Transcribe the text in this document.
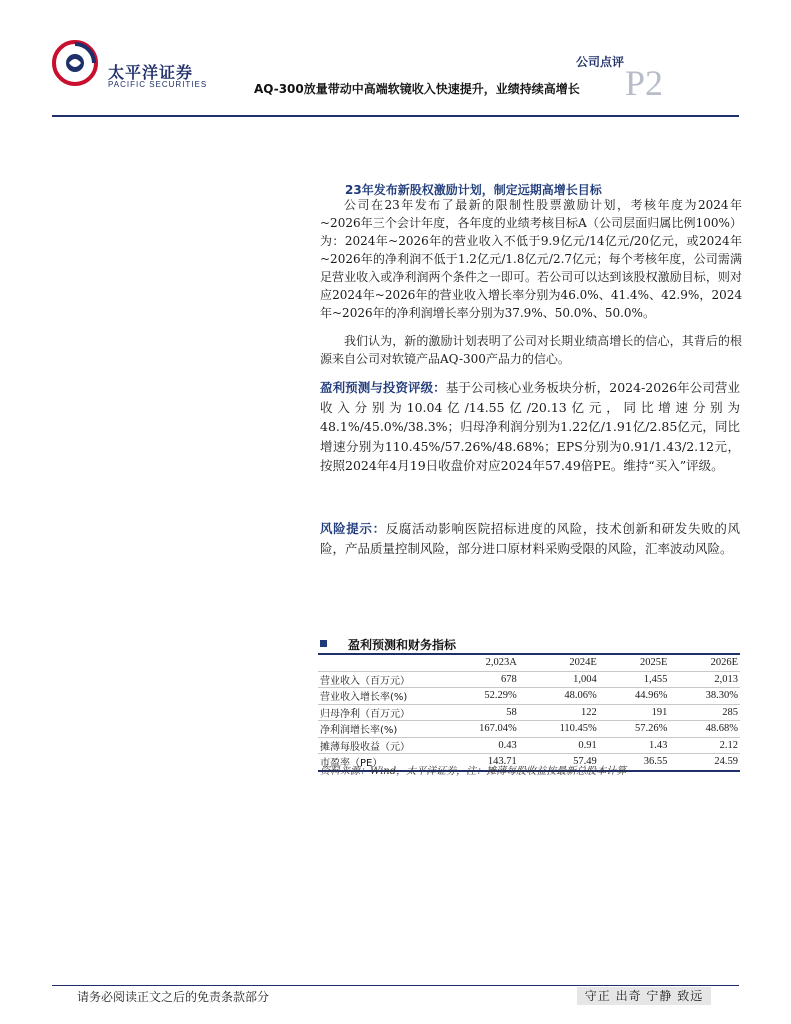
太平洋证券
PACIFIC SECURITIES
公司点评
P2
AQ-300放量带动中高端软镜收入快速提升，业绩持续高增长
23年发布新股权激励计划，制定远期高增长目标
公司在23年发布了最新的限制性股票激励计划，考核年度为2024年~2026年三个会计年度，各年度的业绩考核目标A（公司层面归属比例100%）为：2024年~2026年的营业收入不低于9.9亿元/14亿元/20亿元，或2024年~2026年的净利润不低于1.2亿元/1.8亿元/2.7亿元；每个考核年度，公司需满足营业收入或净利润两个条件之一即可。若公司可以达到该股权激励目标，则对应2024年~2026年的营业收入增长率分别为46.0%、41.4%、42.9%，2024年~2026年的净利润增长率分别为37.9%、50.0%、50.0%。
我们认为，新的激励计划表明了公司对长期业绩高增长的信心，其背后的根源来自公司对软镜产品AQ-300产品力的信心。
盈利预测与投资评级：基于公司核心业务板块分析，2024-2026年公司营业收入分别为10.04亿/14.55亿/20.13亿元，同比增速分别为48.1%/45.0%/38.3%；归母净利润分别为1.22亿/1.91亿/2.85亿元，同比增速分别为110.45%/57.26%/48.68%；EPS分别为0.91/1.43/2.12元，按照2024年4月19日收盘价对应2024年57.49倍PE。维持“买入”评级。
风险提示：反腐活动影响医院招标进度的风险，技术创新和研发失败的风险，产品质量控制风险，部分进口原材料采购受限的风险，汇率波动风险。
盈利预测和财务指标
	2,023A	2024E	2025E	2026E
营业收入（百万元）	678	1,004	1,455	2,013
营业收入增长率(%)	52.29%	48.06%	44.96%	38.30%
归母净利（百万元）	58	122	191	285
净利润增长率(%)	167.04%	110.45%	57.26%	48.68%
摊薄每股收益（元）	0.43	0.91	1.43	2.12
市盈率（PE）	143.71	57.49	36.55	24.59
资料来源：Wind，太平洋证券，注：摊薄每股收益按最新总股本计算
请务必阅读正文之后的免责条款部分	守正 出奇 宁静 致远
